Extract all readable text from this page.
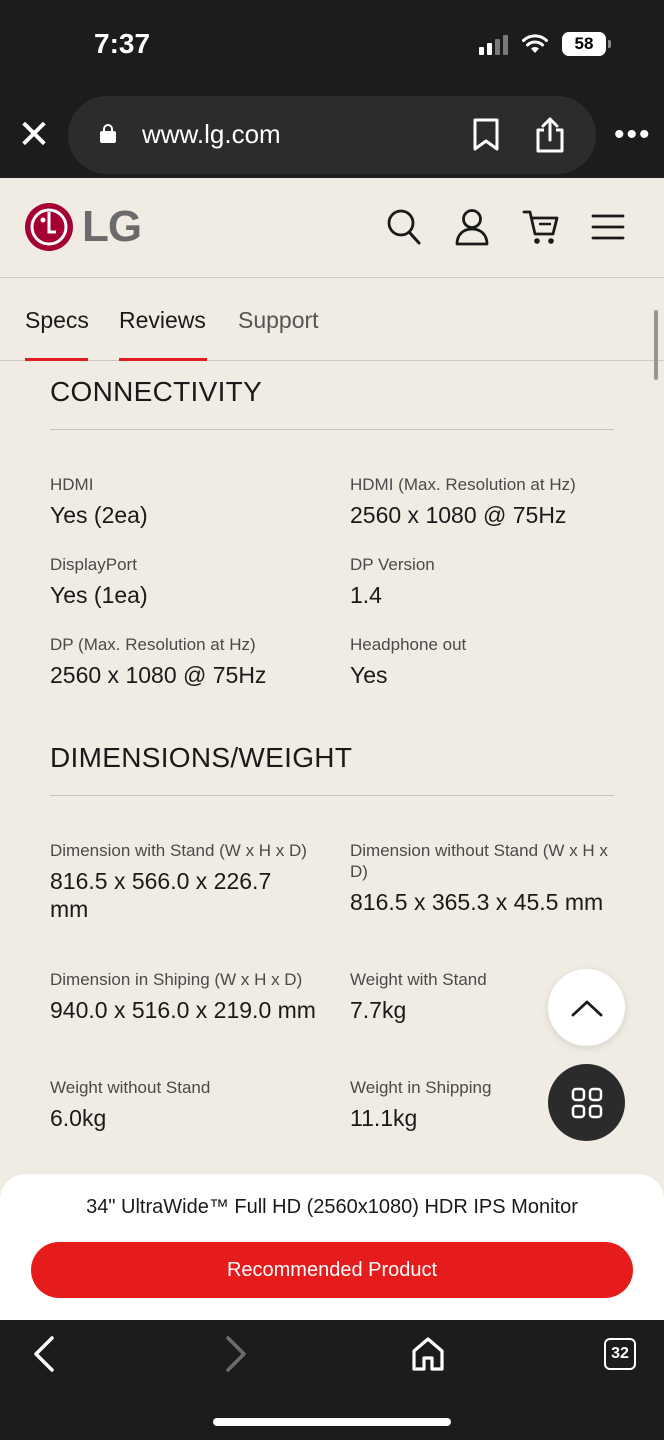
7:37	58
✕	www.lg.com	•••
LG
Specs Reviews Support
CONNECTIVITY
HDMI
Yes (2ea)
HDMI (Max. Resolution at Hz)
2560 x 1080 @ 75Hz
DisplayPort
Yes (1ea)
DP Version
1.4
DP (Max. Resolution at Hz)
2560 x 1080 @ 75Hz
Headphone out
Yes
DIMENSIONS/WEIGHT
Dimension with Stand (W x H x D)
816.5 x 566.0 x 226.7 mm
Dimension without Stand (W x H x D)
816.5 x 365.3 x 45.5 mm
Dimension in Shiping (W x H x D)
940.0 x 516.0 x 219.0 mm
Weight with Stand
7.7kg
Weight without Stand
6.0kg
Weight in Shipping
11.1kg
34" UltraWide™ Full HD (2560x1080) HDR IPS Monitor
Recommended Product
32
